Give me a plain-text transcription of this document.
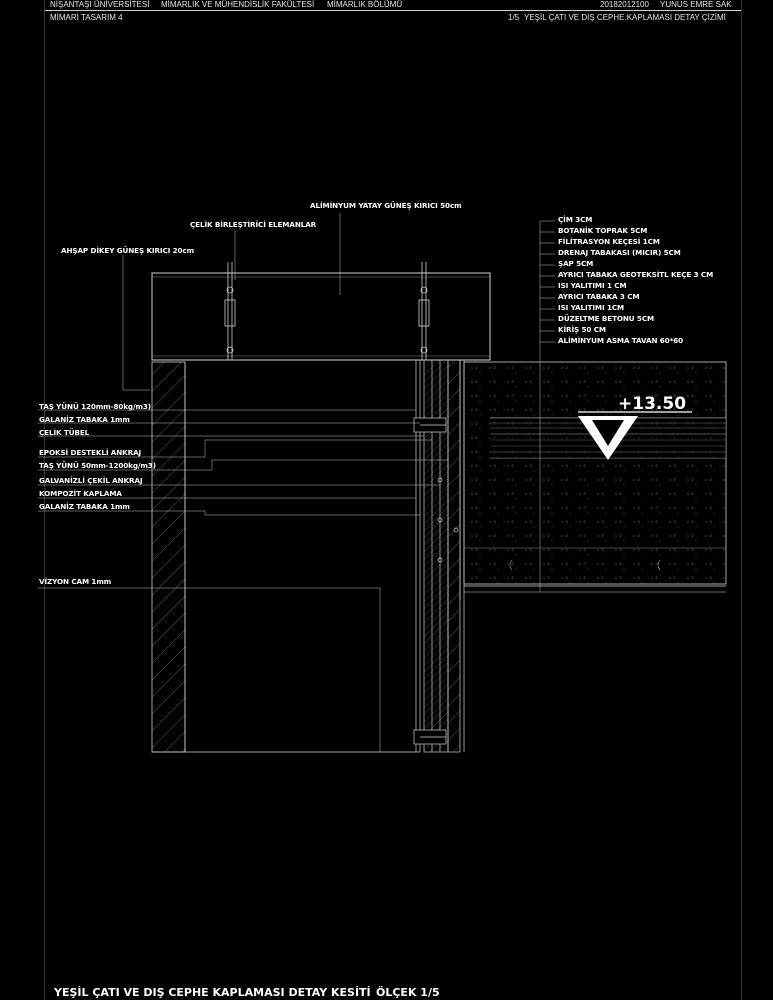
NİŞANTAŞI ÜNİVERSİTESİ MİMARLIK VE MÜHENDİSLİK FAKÜLTESİ MİMARLIK BÖLÜMÜ	20182012100 YUNUS EMRE SAK
MİMARİ TASARIM 4	1/5 YEŞİL ÇATI VE DIŞ CEPHE KAPLAMASI DETAY ÇİZİMİ
ALİMİNYUM YATAY GÜNEŞ KIRICI 50cm
ÇELİK BİRLEŞTİRİCİ ELEMANLAR
AHŞAP DİKEY GÜNEŞ KIRICI 20cm
ÇİM 3CM
BOTANİK TOPRAK 5CM
FİLİTRASYON KEÇESİ 1CM
DRENAJ TABAKASI (MICIR) 5CM
ŞAP 5CM
AYRICI TABAKA GEOTEKSİTL KEÇE 3 CM
ISI YALITIMI 1 CM
AYRICI TABAKA 3 CM
ISI YALITIMI 1CM
DÜZELTME BETONU 5CM
KİRİŞ 50 CM
ALİMİNYUM ASMA TAVAN 60*60
TAŞ YÜNÜ 120mm-80kg/m3)
GALANİZ TABAKA 1mm
ÇELİK TÜBEL
EPOKSİ DESTEKLİ ANKRAJ
TAŞ YÜNÜ 50mm-1200kg/m3)
GALVANİZLİ ÇEKİL ANKRAJ
KOMPOZİT KAPLAMA
GALANİZ TABAKA 1mm
VİZYON CAM 1mm
+13.50
YEŞİL ÇATI VE DIŞ CEPHE KAPLAMASI DETAY KESİTİ ÖLÇEK 1/5
